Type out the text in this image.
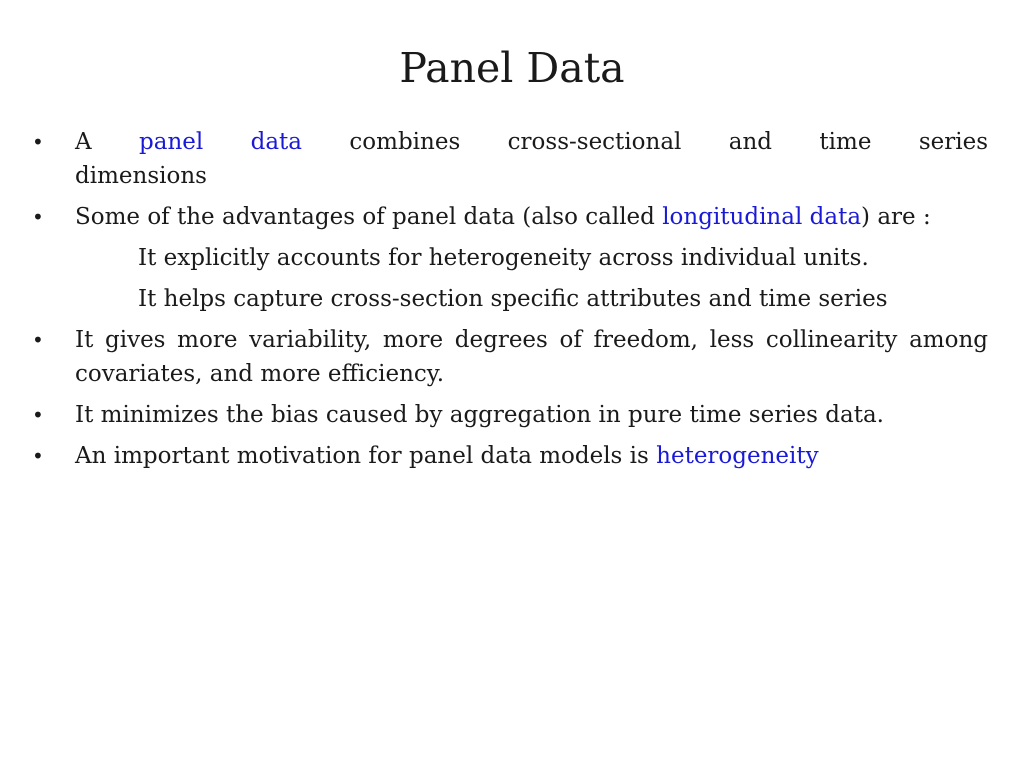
Panel Data
•	A panel data combines cross-sectional and time series
dimensions
•	Some of the advantages of panel data (also called longitudinal data) are :
It explicitly accounts for heterogeneity across individual units.
It helps capture cross-section specific attributes and time series
•	It gives more variability, more degrees of freedom, less collinearity among covariates, and more efficiency.
•	It minimizes the bias caused by aggregation in pure time series data.
•	An important motivation for panel data models is heterogeneity
